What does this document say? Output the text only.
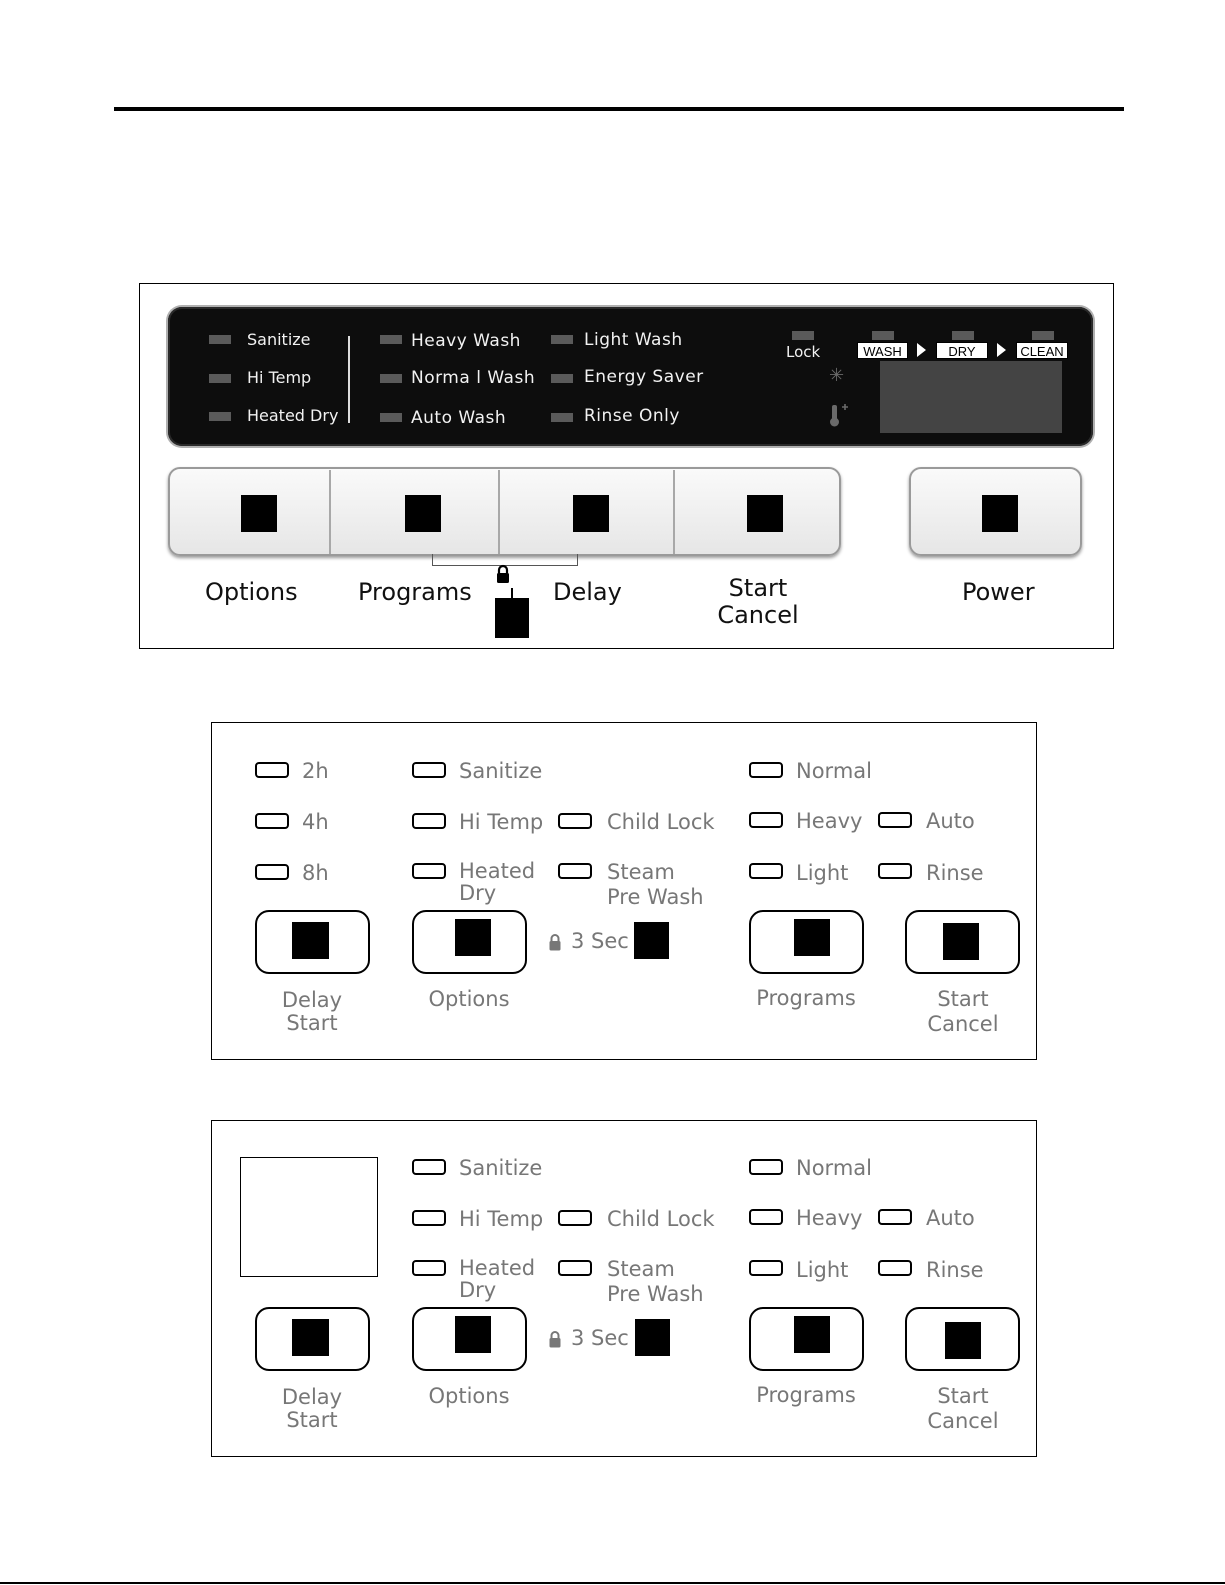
Sanitize
Hi Temp
Heated Dry
Heavy Wash
Norma l Wash
Auto Wash
Light Wash
Energy Saver
Rinse Only
Lock	WASH	DRY	CLEAN
✳
Options	Programs	Delay	Start
Cancel
Power
2h
4h
8h
Sanitize
Hi Temp
Heated
Dry
Child Lock
Steam
Pre Wash
Normal
Heavy
Light
Auto
Rinse
3 Sec
Delay
Start
Options	Programs	Start
Cancel
Sanitize
Hi Temp
Heated
Dry
Child Lock
Steam
Pre Wash
Normal
Heavy
Light
Auto
Rinse
3 Sec
Delay
Start
Options	Programs	Start
Cancel
